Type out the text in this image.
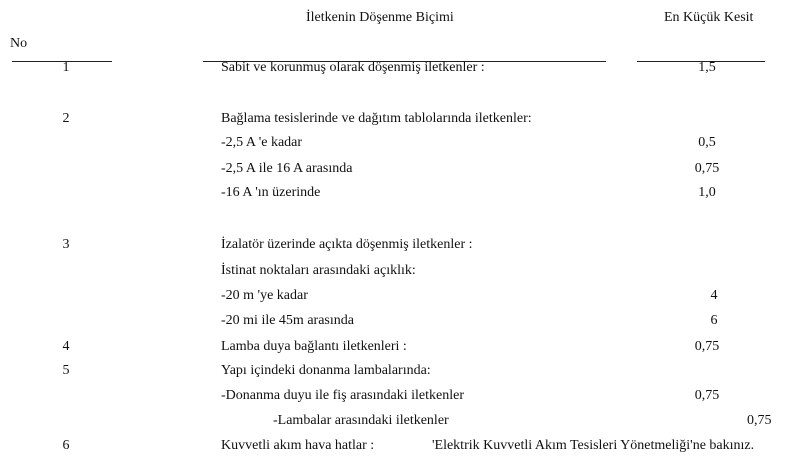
İletkenin Döşenme Biçimi	En Küçük Kesit
No
1	Sabit ve korunmuş olarak döşenmiş iletkenler :	1,5
2	Bağlama tesislerinde ve dağıtım tablolarında iletkenler:
-2,5 A 'e kadar	0,5
-2,5 A ile 16 A arasında	0,75
-16 A 'ın üzerinde	1,0
3	İzalatör üzerinde açıkta döşenmiş iletkenler :
İstinat noktaları arasındaki açıklık:
-20 m 'ye kadar	4
-20 mi ile 45m arasında	6
4	Lamba duya bağlantı iletkenleri :	0,75
5	Yapı içindeki donanma lambalarında:
-Donanma duyu ile fiş arasındaki iletkenler	0,75
-Lambalar arasındaki iletkenler	0,75
6	Kuvvetli akım hava hatlar :	'Elektrik Kuvvetli Akım Tesisleri Yönetmeliği'ne bakınız.
